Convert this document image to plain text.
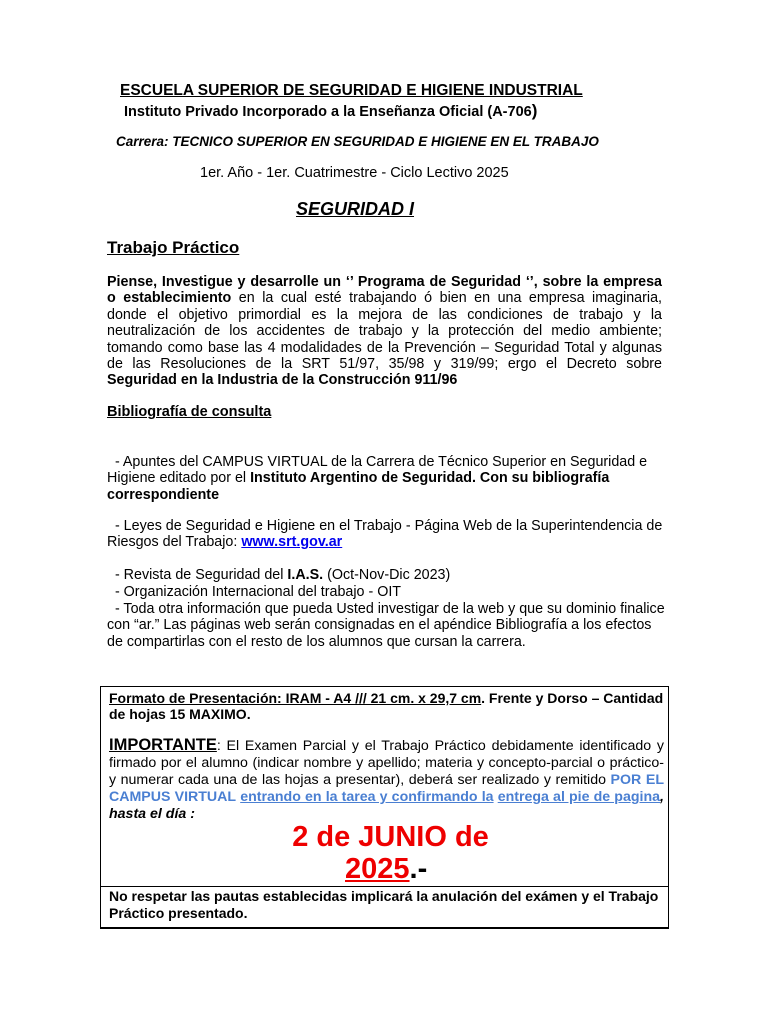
ESCUELA SUPERIOR DE SEGURIDAD E HIGIENE INDUSTRIAL
Instituto Privado Incorporado a la Enseñanza Oficial (A-706)
Carrera: TECNICO SUPERIOR EN SEGURIDAD E HIGIENE EN EL TRABAJO
1er. Año - 1er. Cuatrimestre - Ciclo Lectivo 2025
SEGURIDAD I
Trabajo Práctico
Piense, Investigue y desarrolle un ‘’ Programa de Seguridad ‘’, sobre la empresa o establecimiento en la cual esté trabajando ó bien en una empresa imaginaria, donde el objetivo primordial es la mejora de las condiciones de trabajo y la neutralización de los accidentes de trabajo y la protección del medio ambiente; tomando como base las 4 modalidades de la Prevención – Seguridad Total y algunas de las Resoluciones de la SRT 51/97, 35/98 y 319/99; ergo el Decreto sobre Seguridad en la Industria de la Construcción 911/96
Bibliografía de consulta
- Apuntes del CAMPUS VIRTUAL de la Carrera de Técnico Superior en Seguridad e Higiene editado por el Instituto Argentino de Seguridad. Con su bibliografía correspondiente
- Leyes de Seguridad e Higiene en el Trabajo - Página Web de la Superintendencia de Riesgos del Trabajo: www.srt.gov.ar
- Revista de Seguridad del I.A.S. (Oct-Nov-Dic 2023)
- Organización Internacional del trabajo - OIT
- Toda otra información que pueda Usted investigar de la web y que su dominio finalice con “ar.” Las páginas web serán consignadas en el apéndice Bibliografía a los efectos de compartirlas con el resto de los alumnos que cursan la carrera.
Formato de Presentación: IRAM - A4 /// 21 cm. x 29,7 cm. Frente y Dorso – Cantidad de hojas 15 MAXIMO.
IMPORTANTE: El Examen Parcial y el Trabajo Práctico debidamente identificado y firmado por el alumno (indicar nombre y apellido; materia y concepto-parcial o práctico- y numerar cada una de las hojas a presentar), deberá ser realizado y remitido POR EL CAMPUS VIRTUAL entrando en la tarea y confirmando la entrega al pie de pagina, hasta el día :
2 de JUNIO de
2025.-
No respetar las pautas establecidas implicará la anulación del exámen y el Trabajo Práctico presentado.
